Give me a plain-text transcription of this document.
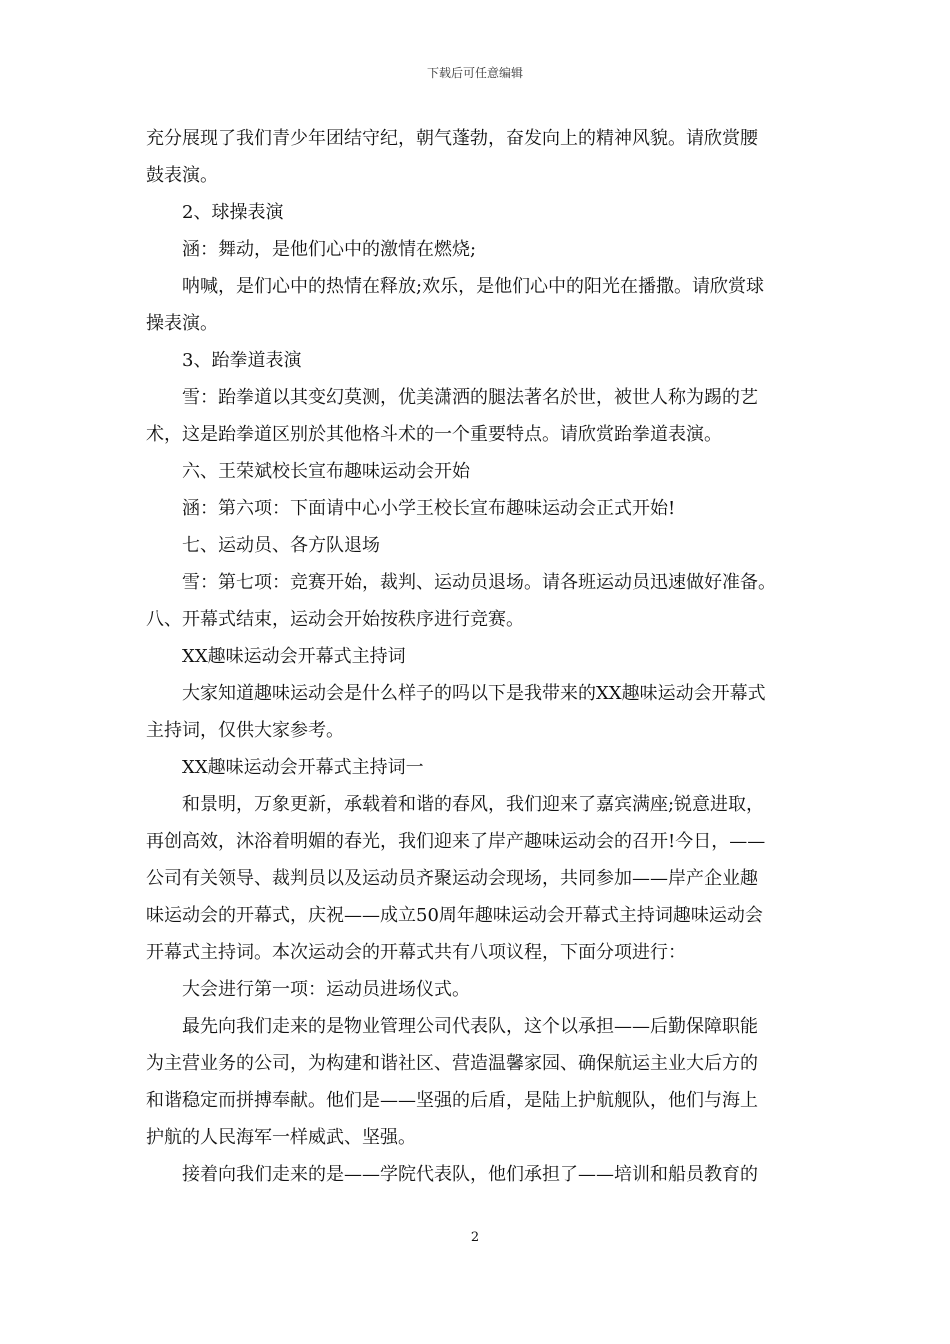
下载后可任意编辑
充分展现了我们青少年团结守纪，朝气蓬勃，奋发向上的精神风貌。请欣赏腰
鼓表演。
2、球操表演
涵：舞动，是他们心中的激情在燃烧;
呐喊，是们心中的热情在释放;欢乐，是他们心中的阳光在播撒。请欣赏球
操表演。
3、跆拳道表演
雪：跆拳道以其变幻莫测，优美潇洒的腿法著名於世，被世人称为踢的艺
术，这是跆拳道区别於其他格斗术的一个重要特点。请欣赏跆拳道表演。
六、王荣斌校长宣布趣味运动会开始
涵：第六项：下面请中心小学王校长宣布趣味运动会正式开始!
七、运动员、各方队退场
雪：第七项：竞赛开始，裁判、运动员退场。请各班运动员迅速做好准备。
八、开幕式结束，运动会开始按秩序进行竞赛。
XX趣味运动会开幕式主持词
大家知道趣味运动会是什么样子的吗以下是我带来的XX趣味运动会开幕式
主持词，仅供大家参考。
XX趣味运动会开幕式主持词一
和景明，万象更新，承载着和谐的春风，我们迎来了嘉宾满座;锐意进取，
再创高效，沐浴着明媚的春光，我们迎来了岸产趣味运动会的召开!今日，——
公司有关领导、裁判员以及运动员齐聚运动会现场，共同参加——岸产企业趣
味运动会的开幕式，庆祝——成立50周年趣味运动会开幕式主持词趣味运动会
开幕式主持词。本次运动会的开幕式共有八项议程，下面分项进行：
大会进行第一项：运动员进场仪式。
最先向我们走来的是物业管理公司代表队，这个以承担——后勤保障职能
为主营业务的公司，为构建和谐社区、营造温馨家园、确保航运主业大后方的
和谐稳定而拼搏奉献。他们是——坚强的后盾，是陆上护航舰队，他们与海上
护航的人民海军一样威武、坚强。
接着向我们走来的是——学院代表队，他们承担了——培训和船员教育的
2
